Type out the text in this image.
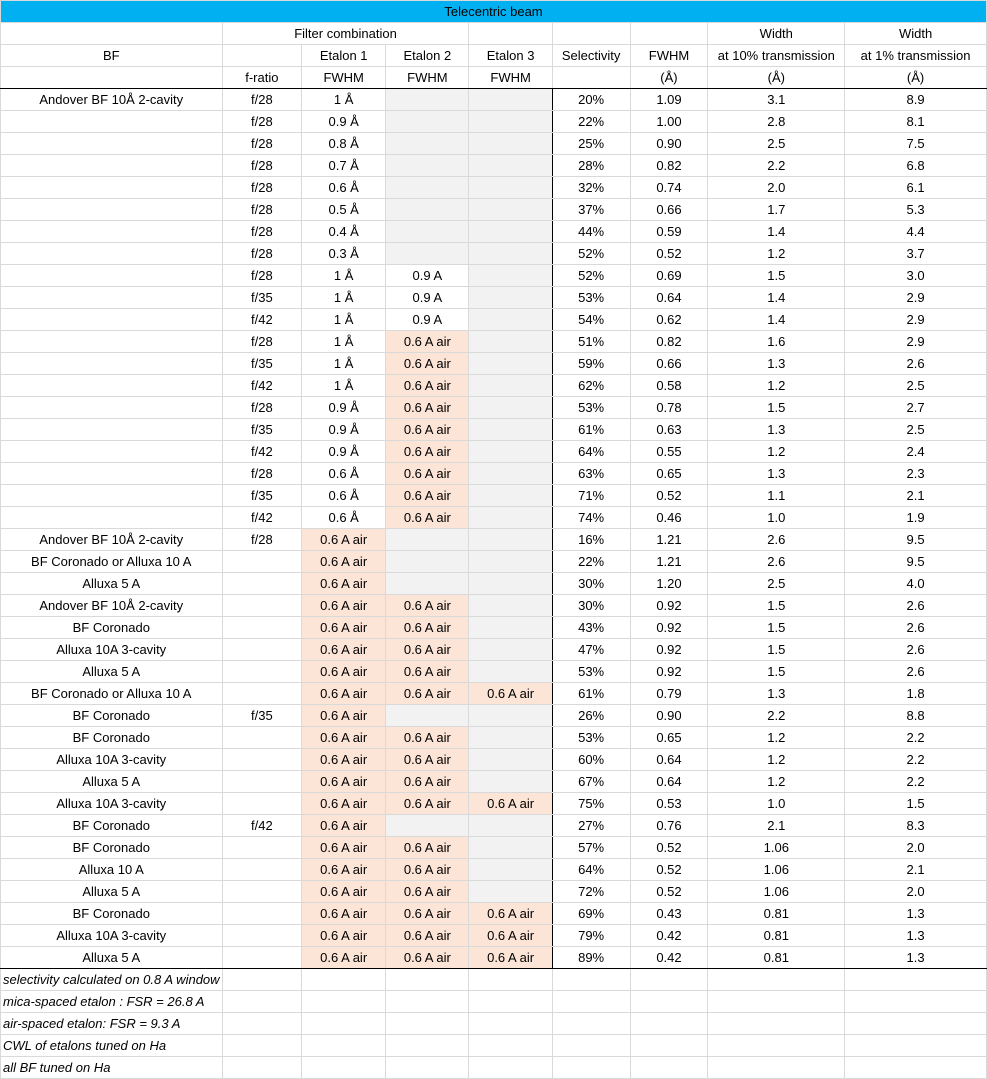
Telecentric beam								
	Filter combination						Width	Width
BF		Etalon 1	Etalon 2	Etalon 3	Selectivity	FWHM	at 10% transmission	at 1% transmission
	f-ratio	FWHM	FWHM	FWHM		(Å)	(Å)	(Å)
Andover BF 10Å 2-cavity	f/28	1 Å			20%	1.09	3.1	8.9
	f/28	0.9 Å			22%	1.00	2.8	8.1
	f/28	0.8 Å			25%	0.90	2.5	7.5
	f/28	0.7 Å			28%	0.82	2.2	6.8
	f/28	0.6 Å			32%	0.74	2.0	6.1
	f/28	0.5 Å			37%	0.66	1.7	5.3
	f/28	0.4 Å			44%	0.59	1.4	4.4
	f/28	0.3 Å			52%	0.52	1.2	3.7
	f/28	1 Å	0.9 A		52%	0.69	1.5	3.0
	f/35	1 Å	0.9 A		53%	0.64	1.4	2.9
	f/42	1 Å	0.9 A		54%	0.62	1.4	2.9
	f/28	1 Å	0.6 A air		51%	0.82	1.6	2.9
	f/35	1 Å	0.6 A air		59%	0.66	1.3	2.6
	f/42	1 Å	0.6 A air		62%	0.58	1.2	2.5
	f/28	0.9 Å	0.6 A air		53%	0.78	1.5	2.7
	f/35	0.9 Å	0.6 A air		61%	0.63	1.3	2.5
	f/42	0.9 Å	0.6 A air		64%	0.55	1.2	2.4
	f/28	0.6 Å	0.6 A air		63%	0.65	1.3	2.3
	f/35	0.6 Å	0.6 A air		71%	0.52	1.1	2.1
	f/42	0.6 Å	0.6 A air		74%	0.46	1.0	1.9
Andover BF 10Å 2-cavity	f/28	0.6 A air			16%	1.21	2.6	9.5
BF Coronado or Alluxa 10 A		0.6 A air			22%	1.21	2.6	9.5
Alluxa 5 A		0.6 A air			30%	1.20	2.5	4.0
Andover BF 10Å 2-cavity		0.6 A air	0.6 A air		30%	0.92	1.5	2.6
BF Coronado		0.6 A air	0.6 A air		43%	0.92	1.5	2.6
Alluxa 10A 3-cavity		0.6 A air	0.6 A air		47%	0.92	1.5	2.6
Alluxa 5 A		0.6 A air	0.6 A air		53%	0.92	1.5	2.6
BF Coronado or Alluxa 10 A		0.6 A air	0.6 A air	0.6 A air	61%	0.79	1.3	1.8
BF Coronado	f/35	0.6 A air			26%	0.90	2.2	8.8
BF Coronado		0.6 A air	0.6 A air		53%	0.65	1.2	2.2
Alluxa 10A 3-cavity		0.6 A air	0.6 A air		60%	0.64	1.2	2.2
Alluxa 5 A		0.6 A air	0.6 A air		67%	0.64	1.2	2.2
Alluxa 10A 3-cavity		0.6 A air	0.6 A air	0.6 A air	75%	0.53	1.0	1.5
BF Coronado	f/42	0.6 A air			27%	0.76	2.1	8.3
BF Coronado		0.6 A air	0.6 A air		57%	0.52	1.06	2.0
Alluxa 10 A		0.6 A air	0.6 A air		64%	0.52	1.06	2.1
Alluxa 5 A		0.6 A air	0.6 A air		72%	0.52	1.06	2.0
BF Coronado		0.6 A air	0.6 A air	0.6 A air	69%	0.43	0.81	1.3
Alluxa 10A 3-cavity		0.6 A air	0.6 A air	0.6 A air	79%	0.42	0.81	1.3
Alluxa 5 A		0.6 A air	0.6 A air	0.6 A air	89%	0.42	0.81	1.3
selectivity calculated on 0.8 A window								
mica-spaced etalon : FSR = 26.8 A								
air-spaced etalon: FSR = 9.3 A								
CWL of etalons tuned on Ha								
all BF tuned on Ha								
